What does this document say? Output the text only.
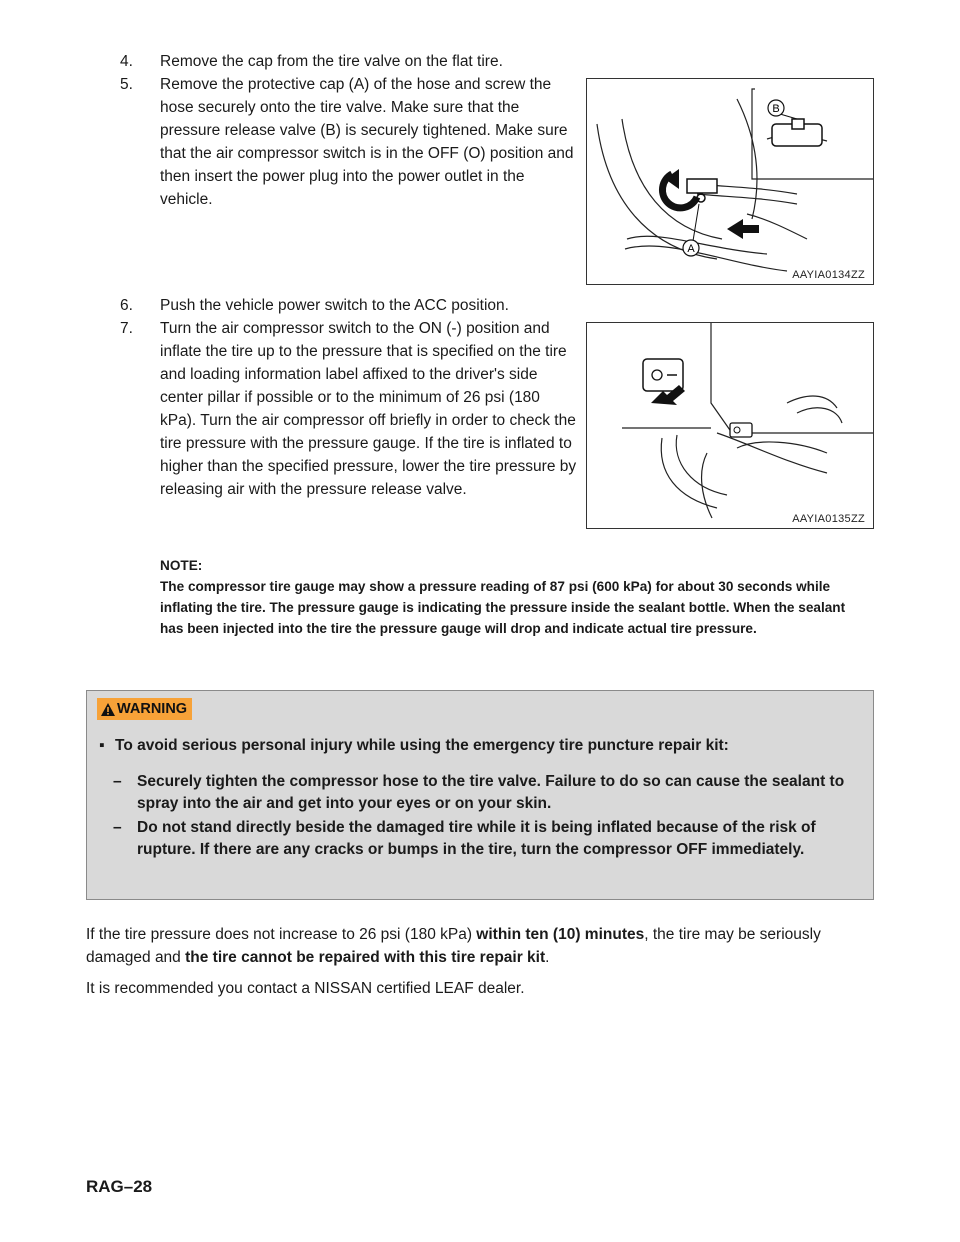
4.	Remove the cap from the tire valve on the flat tire.
5.	Remove the protective cap (A) of the hose and screw the hose securely onto the tire valve. Make sure that the pressure release valve (B) is securely tightened. Make sure that the air compressor switch is in the OFF (O) position and then insert the power plug into the power outlet in the vehicle.
B
A
AAYIA0134ZZ
6.	Push the vehicle power switch to the ACC position.
7.	Turn the air compressor switch to the ON (-) position and inflate the tire up to the pressure that is specified on the tire and loading information label affixed to the driver's side center pillar if possible or to the minimum of 26 psi (180 kPa). Turn the air compressor off briefly in order to check the tire pressure with the pressure gauge. If the tire is inflated to higher than the specified pressure, lower the tire pressure by releasing air with the pressure release valve.
AAYIA0135ZZ
NOTE:
The compressor tire gauge may show a pressure reading of 87 psi (600 kPa) for about 30 seconds while inflating the tire. The pressure gauge is indicating the pressure inside the sealant bottle. When the sealant has been injected into the tire the pressure gauge will drop and indicate actual tire pressure.
WARNING
▪ To avoid serious personal injury while using the emergency tire puncture repair kit:
– Securely tighten the compressor hose to the tire valve. Failure to do so can cause the sealant to spray into the air and get into your eyes or on your skin.
– Do not stand directly beside the damaged tire while it is being inflated because of the risk of rupture. If there are any cracks or bumps in the tire, turn the compressor OFF immediately.
If the tire pressure does not increase to 26 psi (180 kPa) within ten (10) minutes, the tire may be seriously damaged and the tire cannot be repaired with this tire repair kit.
It is recommended you contact a NISSAN certified LEAF dealer.
RAG–28
